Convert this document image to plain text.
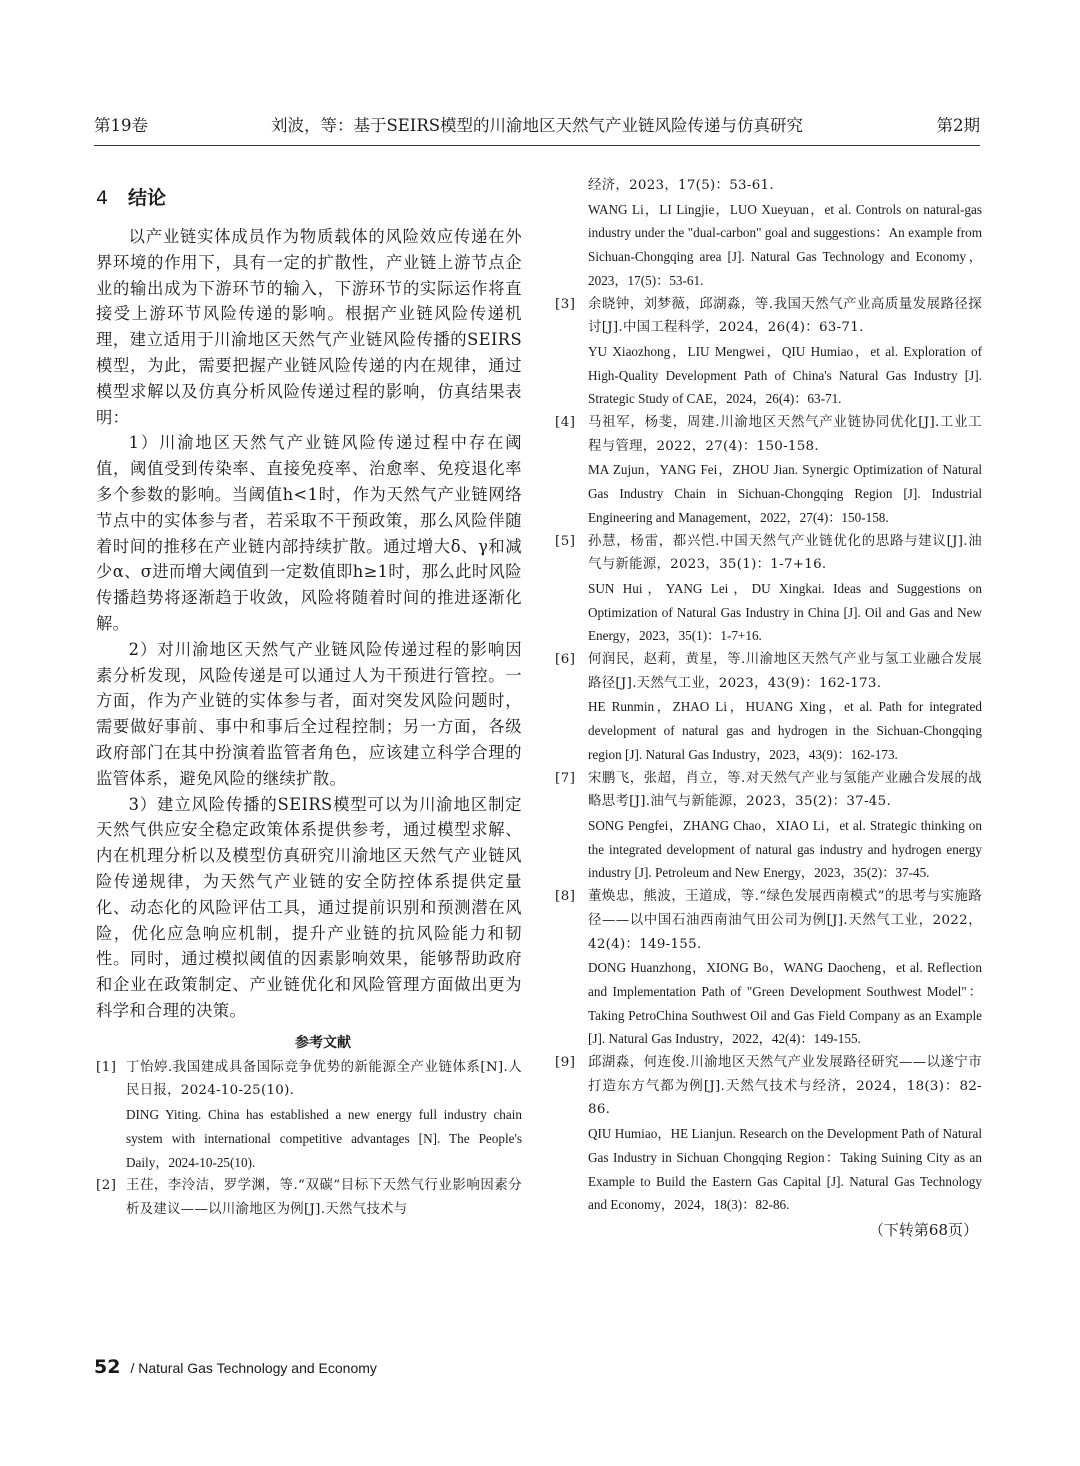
第19卷	刘波，等：基于SEIRS模型的川渝地区天然气产业链风险传递与仿真研究	第2期
4 结论

以产业链实体成员作为物质载体的风险效应传递在外界环境的作用下，具有一定的扩散性，产业链上游节点企业的输出成为下游环节的输入，下游环节的实际运作将直接受上游环节风险传递的影响。根据产业链风险传递机理，建立适用于川渝地区天然气产业链风险传播的SEIRS模型，为此，需要把握产业链风险传递的内在规律，通过模型求解以及仿真分析风险传递过程的影响，仿真结果表明：

1）川渝地区天然气产业链风险传递过程中存在阈值，阈值受到传染率、直接免疫率、治愈率、免疫退化率多个参数的影响。当阈值h<1时，作为天然气产业链网络节点中的实体参与者，若采取不干预政策，那么风险伴随着时间的推移在产业链内部持续扩散。通过增大δ、γ和减少α、σ进而增大阈值到一定数值即h≥1时，那么此时风险传播趋势将逐渐趋于收敛，风险将随着时间的推进逐渐化解。

2）对川渝地区天然气产业链风险传递过程的影响因素分析发现，风险传递是可以通过人为干预进行管控。一方面，作为产业链的实体参与者，面对突发风险问题时，需要做好事前、事中和事后全过程控制；另一方面，各级政府部门在其中扮演着监管者角色，应该建立科学合理的监管体系，避免风险的继续扩散。

3）建立风险传播的SEIRS模型可以为川渝地区制定天然气供应安全稳定政策体系提供参考，通过模型求解、内在机理分析以及模型仿真研究川渝地区天然气产业链风险传递规律，为天然气产业链的安全防控体系提供定量化、动态化的风险评估工具，通过提前识别和预测潜在风险，优化应急响应机制，提升产业链的抗风险能力和韧性。同时，通过模拟阈值的因素影响效果，能够帮助政府和企业在政策制定、产业链优化和风险管理方面做出更为科学和合理的决策。

参考文献
[1] 丁怡婷.我国建成具备国际竞争优势的新能源全产业链体系[N].人民日报，2024-10-25(10).
DING Yiting. China has established a new energy full industry chain system with international competitive advantages [N]. The People's Daily，2024-10-25(10).
[2] 王茌，李泠洁，罗学渊，等.“双碳”目标下天然气行业影响因素分析及建议——以川渝地区为例[J].天然气技术与
经济，2023，17(5)：53-61.
WANG Li，LI Lingjie，LUO Xueyuan，et al. Controls on natural-gas industry under the "dual-carbon" goal and suggestions：An example from Sichuan-Chongqing area [J]. Natural Gas Technology and Economy，2023，17(5)：53-61.
[3] 余晓钟，刘梦薇，邱湖淼，等.我国天然气产业高质量发展路径探讨[J].中国工程科学，2024，26(4)：63-71.
YU Xiaozhong，LIU Mengwei，QIU Humiao，et al. Exploration of High-Quality Development Path of China's Natural Gas Industry [J]. Strategic Study of CAE，2024，26(4)：63-71.
[4] 马祖军，杨斐，周建.川渝地区天然气产业链协同优化[J].工业工程与管理，2022，27(4)：150-158.
MA Zujun，YANG Fei，ZHOU Jian. Synergic Optimization of Natural Gas Industry Chain in Sichuan-Chongqing Region [J]. Industrial Engineering and Management，2022，27(4)：150-158.
[5] 孙慧，杨雷，都兴恺.中国天然气产业链优化的思路与建议[J].油气与新能源，2023，35(1)：1-7+16.
SUN Hui，YANG Lei，DU Xingkai. Ideas and Suggestions on Optimization of Natural Gas Industry in China [J]. Oil and Gas and New Energy，2023，35(1)：1-7+16.
[6] 何润民，赵莉，黄星，等.川渝地区天然气产业与氢工业融合发展路径[J].天然气工业，2023，43(9)：162-173.
HE Runmin，ZHAO Li，HUANG Xing，et al. Path for integrated development of natural gas and hydrogen in the Sichuan-Chongqing region [J]. Natural Gas Industry，2023，43(9)：162-173.
[7] 宋鹏飞，张超，肖立，等.对天然气产业与氢能产业融合发展的战略思考[J].油气与新能源，2023，35(2)：37-45.
SONG Pengfei，ZHANG Chao，XIAO Li，et al. Strategic thinking on the integrated development of natural gas industry and hydrogen energy industry [J]. Petroleum and New Energy，2023，35(2)：37-45.
[8] 董焕忠，熊波，王道成，等.“绿色发展西南模式”的思考与实施路径——以中国石油西南油气田公司为例[J].天然气工业，2022，42(4)：149-155.
DONG Huanzhong，XIONG Bo，WANG Daocheng，et al. Reflection and Implementation Path of "Green Development Southwest Model"：Taking PetroChina Southwest Oil and Gas Field Company as an Example [J]. Natural Gas Industry，2022，42(4)：149-155.
[9] 邱湖淼，何连俊.川渝地区天然气产业发展路径研究——以遂宁市打造东方气都为例[J].天然气技术与经济，2024，18(3)：82-86.
QIU Humiao，HE Lianjun. Research on the Development Path of Natural Gas Industry in Sichuan Chongqing Region：Taking Suining City as an Example to Build the Eastern Gas Capital [J]. Natural Gas Technology and Economy，2024，18(3)：82-86.
（下转第68页）
52 / Natural Gas Technology and Economy
